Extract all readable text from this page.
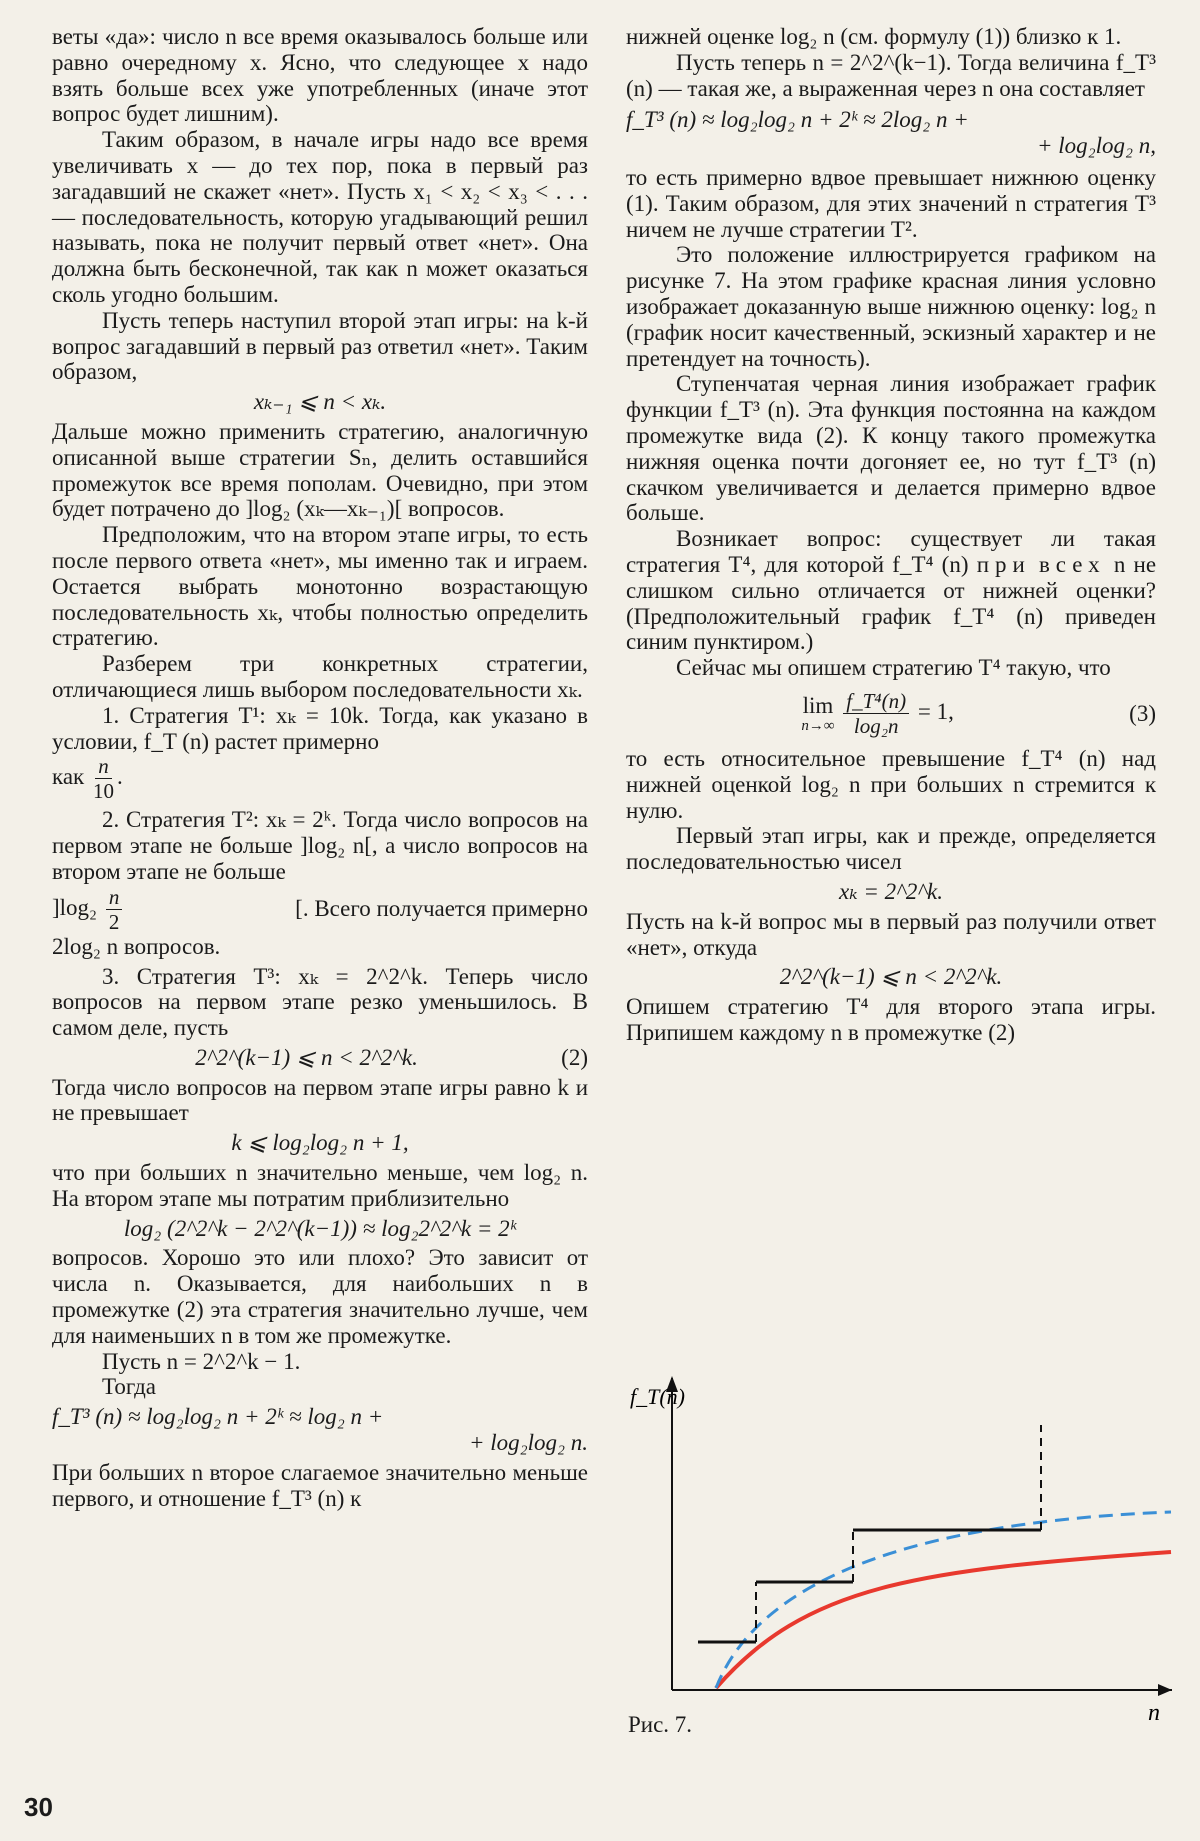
веты «да»: число n все время оказывалось больше или равно очередному x. Ясно, что следующее x надо взять больше всех уже употребленных (иначе этот вопрос будет лишним).

Таким образом, в начале игры надо все время увеличивать x — до тех пор, пока в первый раз загадавший не скажет «нет». Пусть x₁ < x₂ < x₃ < . . . — последовательность, которую угадывающий решил называть, пока не получит первый ответ «нет». Она должна быть бесконечной, так как n может оказаться сколь угодно большим.

Пусть теперь наступил второй этап игры: на k-й вопрос загадавший в первый раз ответил «нет». Таким образом,

xₖ₋₁ ⩽ n < xₖ.

Дальше можно применить стратегию, аналогичную описанной выше стратегии Sₙ, делить оставшийся промежуток все время пополам. Очевидно, при этом будет потрачено до ]log₂ (xₖ—xₖ₋₁)[ вопросов.

Предположим, что на втором этапе игры, то есть после первого ответа «нет», мы именно так и играем. Остается выбрать монотонно возрастающую последовательность xₖ, чтобы полностью определить стратегию.

Разберем три конкретных стратегии, отличающиеся лишь выбором последовательности xₖ.

1. Стратегия T¹: xₖ = 10k. Тогда, как указано в условии, f_T (n) растет примерно

как $\frac{n}{10}$ .

2. Стратегия T²: xₖ = 2ᵏ. Тогда число вопросов на первом этапе не больше ]log₂ n[, а число вопросов на втором этапе не больше

]$\log_2 \frac{n}{2}$	[. Всего получается примерно

2log₂ n вопросов.

3. Стратегия T³: xₖ = 2^2^k. Теперь число вопросов на первом этапе резко уменьшилось. В самом деле, пусть

2^2^(k−1) ⩽ n < 2^2^k.	(2)

Тогда число вопросов на первом этапе игры равно k и не превышает

k ⩽ log₂log₂ n + 1,

что при больших n значительно меньше, чем log₂ n. На втором этапе мы потратим приблизительно

log₂ (2^2^k − 2^2^(k−1)) ≈ log₂2^2^k = 2ᵏ

вопросов. Хорошо это или плохо? Это зависит от числа n. Оказывается, для наибольших n в промежутке (2) эта стратегия значительно лучше, чем для наименьших n в том же промежутке.

Пусть n = 2^2^k − 1.

Тогда

f_T³ (n) ≈ log₂log₂ n + 2ᵏ ≈ log₂ n +

+ log₂log₂ n.

При больших n второе слагаемое значительно меньше первого, и отношение f_T³ (n) к

нижней оценке log₂ n (см. формулу (1)) близко к 1.

Пусть теперь n = 2^2^(k−1). Тогда величина f_T³ (n) — такая же, а выраженная через n она составляет

f_T³ (n) ≈ log₂log₂ n + 2ᵏ ≈ 2log₂ n +

+ log₂log₂ n,

то есть примерно вдвое превышает нижнюю оценку (1). Таким образом, для этих значений n стратегия T³ ничем не лучше стратегии T².

Это положение иллюстрируется графиком на рисунке 7. На этом графике красная линия условно изображает доказанную выше нижнюю оценку: log₂ n (график носит качественный, эскизный характер и не претендует на точность).

Ступенчатая черная линия изображает график функции f_T³ (n). Эта функция постоянна на каждом промежутке вида (2). К концу такого промежутка нижняя оценка почти догоняет ее, но тут f_T³ (n) скачком увеличивается и делается примерно вдвое больше.

Возникает вопрос: существует ли такая стратегия T⁴, для которой f_T⁴ (n) при всех n не слишком сильно отличается от нижней оценки? (Предположительный график f_T⁴ (n) приведен синим пунктиром.)

Сейчас мы опишем стратегию T⁴ такую, что

lim
n→∞
$\frac{\text{f\_T⁴(n)}}{\text{log₂n}} = 1$,	(3)

то есть относительное превышение f_T⁴ (n) над нижней оценкой log₂ n при больших n стремится к нулю.

Первый этап игры, как и прежде, определяется последовательностью чисел

xₖ = 2^2^k.

Пусть на k-й вопрос мы в первый раз получили ответ «нет», откуда

2^2^(k−1) ⩽ n < 2^2^k.

Опишем стратегию T⁴ для второго этапа игры. Припишем каждому n в промежутке (2)

f_T(n)
n
Рис. 7.
30
